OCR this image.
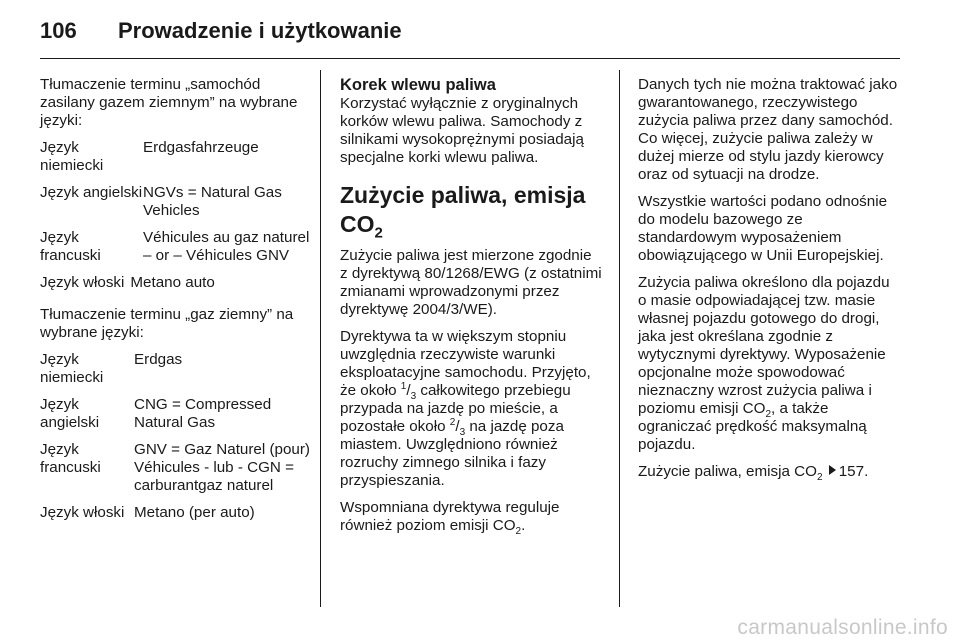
106	Prowadzenie i użytkowanie

Tłumaczenie terminu „samochód zasilany gazem ziemnym” na wybrane języki:

Język niemiecki
Erdgasfahrzeuge
Język angielski NGVs = Natural Gas Vehicles
Język francuski
Véhicules au gaz naturel – or – Véhicules GNV
Język włoski Metano auto

Tłumaczenie terminu „gaz ziemny” na wybrane języki:

Język niemiecki
Erdgas
Język angielski
CNG = Compressed Natural Gas
Język francuski
GNV = Gaz Naturel (pour) Véhicules - lub - CGN = carburantgaz naturel
Język włoski Metano (per auto)
Korek wlewu paliwa

Korzystać wyłącznie z oryginalnych korków wlewu paliwa. Samochody z silnikami wysokoprężnymi posiadają specjalne korki wlewu paliwa.

Zużycie paliwa, emisja $CO_2$

Zużycie paliwa jest mierzone zgodnie z dyrektywą 80/1268/EWG (z ostatnimi zmianami wprowadzonymi przez dyrektywę 2004/3/WE).

Dyrektywa ta w większym stopniu uwzględnia rzeczywiste warunki eksploatacyjne samochodu. Przyjęto, że około $^1/_3$ całkowitego przebiegu przypada na jazdę po mieście, a pozostałe około $^2/_3$ na jazdę poza miastem. Uwzględniono również rozruchy zimnego silnika i fazy przyspieszania.

Wspomniana dyrektywa reguluje również poziom emisji $CO_2$.

Danych tych nie można traktować jako gwarantowanego, rzeczywistego zużycia paliwa przez dany samochód. Co więcej, zużycie paliwa zależy w dużej mierze od stylu jazdy kierowcy oraz od sytuacji na drodze.

Wszystkie wartości podano odnośnie do modelu bazowego ze standardowym wyposażeniem obowiązującego w Unii Europejskiej.

Zużycia paliwa określono dla pojazdu o masie odpowiadającej tzw. masie własnej pojazdu gotowego do drogi, jaka jest określana zgodnie z wytycznymi dyrektywy. Wyposażenie opcjonalne może spowodować nieznaczny wzrost zużycia paliwa i poziomu emisji $CO_2$, a także ograniczać prędkość maksymalną pojazdu.

Zużycie paliwa, emisja $CO_2$ 157.

carmanualsonline.info
